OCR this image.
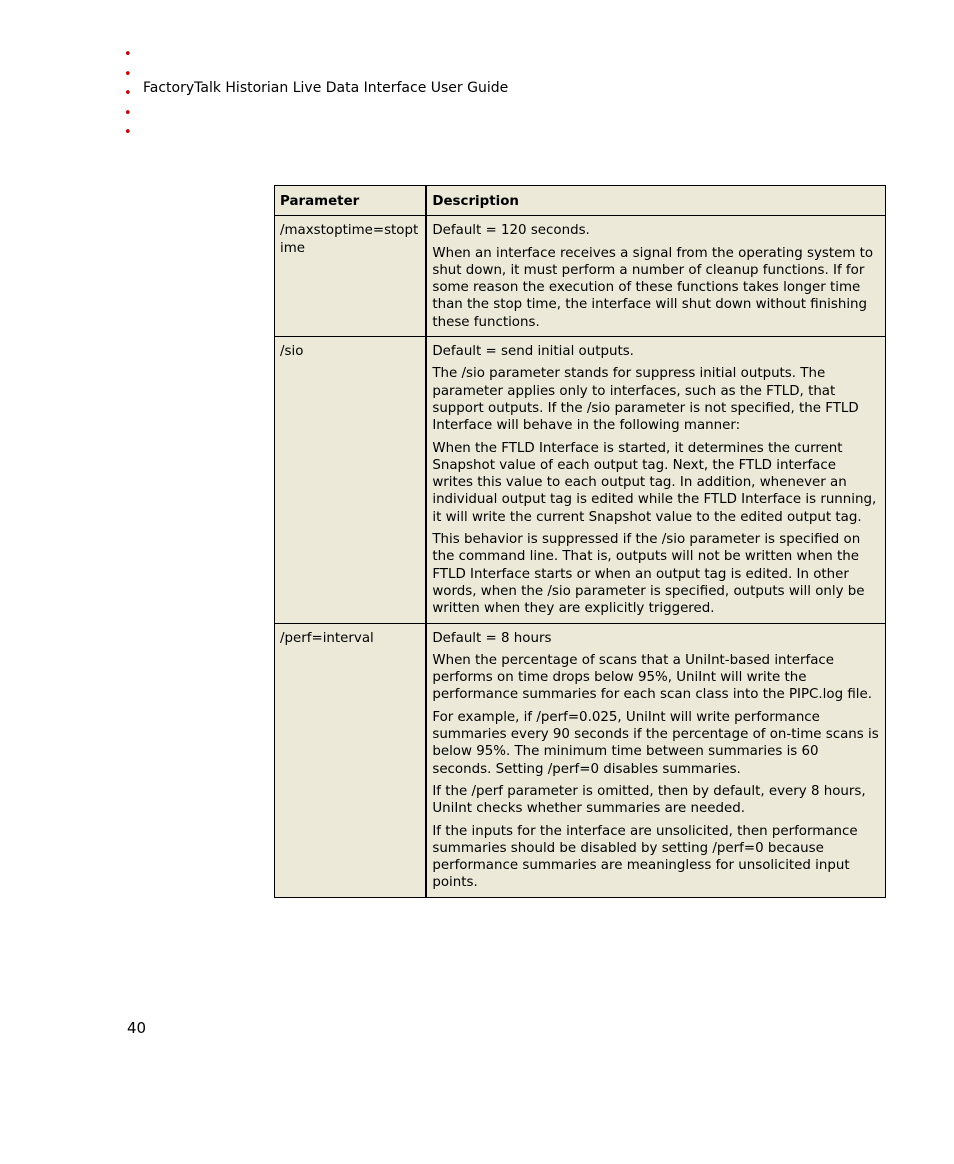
•
•
•
•
•
FactoryTalk Historian Live Data Interface User Guide
Parameter	Description
/maxstoptime=stoptime	Default = 120 seconds.

When an interface receives a signal from the operating system to shut down, it must perform a number of cleanup functions. If for some reason the execution of these functions takes longer time than the stop time, the interface will shut down without finishing these functions.

/sio	Default = send initial outputs.

The /sio parameter stands for suppress initial outputs. The parameter applies only to interfaces, such as the FTLD, that support outputs. If the /sio parameter is not specified, the FTLD Interface will behave in the following manner:

When the FTLD Interface is started, it determines the current Snapshot value of each output tag. Next, the FTLD interface writes this value to each output tag. In addition, whenever an individual output tag is edited while the FTLD Interface is running, it will write the current Snapshot value to the edited output tag.

This behavior is suppressed if the /sio parameter is specified on the command line. That is, outputs will not be written when the FTLD Interface starts or when an output tag is edited. In other words, when the /sio parameter is specified, outputs will only be written when they are explicitly triggered.

/perf=interval	Default = 8 hours

When the percentage of scans that a UniInt-based interface performs on time drops below 95%, UniInt will write the performance summaries for each scan class into the PIPC.log file.

For example, if /perf=0.025, UniInt will write performance summaries every 90 seconds if the percentage of on-time scans is below 95%. The minimum time between summaries is 60 seconds. Setting /perf=0 disables summaries.

If the /perf parameter is omitted, then by default, every 8 hours, UniInt checks whether summaries are needed.

If the inputs for the interface are unsolicited, then performance summaries should be disabled by setting /perf=0 because performance summaries are meaningless for unsolicited input points.

40
